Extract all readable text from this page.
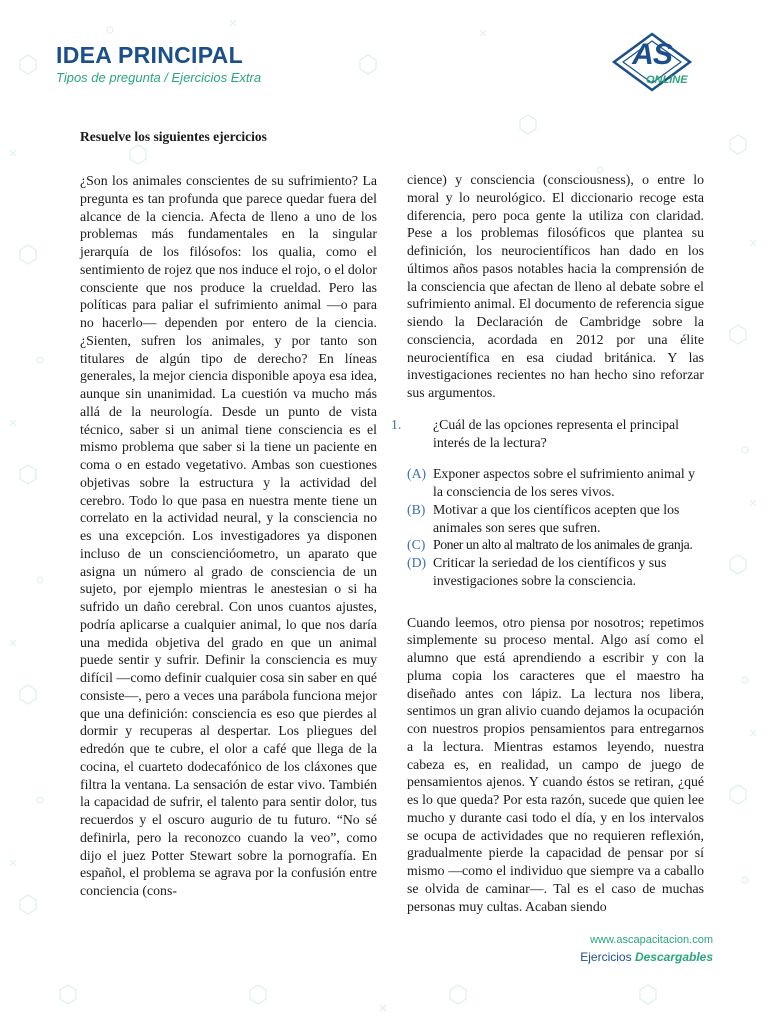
IDEA PRINCIPAL
Tipos de pregunta / Ejercicios Extra
AS
ONLINE
Resuelve los siguientes ejercicios

¿Son los animales conscientes de su sufrimiento? La pregunta es tan profunda que parece quedar fuera del alcance de la ciencia. Afecta de lleno a uno de los problemas más fundamentales en la singular jerarquía de los filósofos: los qualia, como el sentimiento de rojez que nos induce el rojo, o el dolor consciente que nos produce la crueldad. Pero las políticas para paliar el sufrimiento animal —o para no hacerlo— dependen por entero de la ciencia. ¿Sienten, sufren los animales, y por tanto son titulares de algún tipo de derecho? En líneas generales, la mejor ciencia disponible apoya esa idea, aunque sin unanimidad. La cuestión va mucho más allá de la neurología. Desde un punto de vista técnico, saber si un animal tiene consciencia es el mismo problema que saber si la tiene un paciente en coma o en estado vegetativo. Ambas son cuestiones objetivas sobre la estructura y la actividad del cerebro. Todo lo que pasa en nuestra mente tiene un correlato en la actividad neural, y la consciencia no es una excepción. Los investigadores ya disponen incluso de un consciencióometro, un aparato que asigna un número al grado de consciencia de un sujeto, por ejemplo mientras le anestesian o si ha sufrido un daño cerebral. Con unos cuantos ajustes, podría aplicarse a cualquier animal, lo que nos daría una medida objetiva del grado en que un animal puede sentir y sufrir. Definir la consciencia es muy difícil —como definir cualquier cosa sin saber en qué consiste—, pero a veces una parábola funciona mejor que una definición: consciencia es eso que pierdes al dormir y recuperas al despertar. Los pliegues del edredón que te cubre, el olor a café que llega de la cocina, el cuarteto dodecafónico de los cláxones que filtra la ventana. La sensación de estar vivo. También la capacidad de sufrir, el talento para sentir dolor, tus recuerdos y el oscuro augurio de tu futuro. “No sé definirla, pero la reconozco cuando la veo”, como dijo el juez Potter Stewart sobre la pornografía. En español, el problema se agrava por la confusión entre conciencia (cons-

cience) y consciencia (consciousness), o entre lo moral y lo neurológico. El diccionario recoge esta diferencia, pero poca gente la utiliza con claridad. Pese a los problemas filosóficos que plantea su definición, los neurocientíficos han dado en los últimos años pasos notables hacia la comprensión de la consciencia que afectan de lleno al debate sobre el sufrimiento animal. El documento de referencia sigue siendo la Declaración de Cambridge sobre la consciencia, acordada en 2012 por una élite neurocientífica en esa ciudad británica. Y las investigaciones recientes no han hecho sino reforzar sus argumentos.

1. ¿Cuál de las opciones representa el principal interés de la lectura?
(A) Exponer aspectos sobre el sufrimiento animal y la consciencia de los seres vivos.
(B) Motivar a que los científicos acepten que los animales son seres que sufren.
(C) Poner un alto al maltrato de los animales de granja.
(D) Criticar la seriedad de los científicos y sus investigaciones sobre la consciencia.

Cuando leemos, otro piensa por nosotros; repetimos simplemente su proceso mental. Algo así como el alumno que está aprendiendo a escribir y con la pluma copia los caracteres que el maestro ha diseñado antes con lápiz. La lectura nos libera, sentimos un gran alivio cuando dejamos la ocupación con nuestros propios pensamientos para entregarnos a la lectura. Mientras estamos leyendo, nuestra cabeza es, en realidad, un campo de juego de pensamientos ajenos. Y cuando éstos se retiran, ¿qué es lo que queda? Por esta razón, sucede que quien lee mucho y durante casi todo el día, y en los intervalos se ocupa de actividades que no requieren reflexión, gradualmente pierde la capacidad de pensar por sí mismo —como el individuo que siempre va a caballo se olvida de caminar—. Tal es el caso de muchas personas muy cultas. Acaban siendo

www.ascapacitacion.com
Ejercicios Descargables
